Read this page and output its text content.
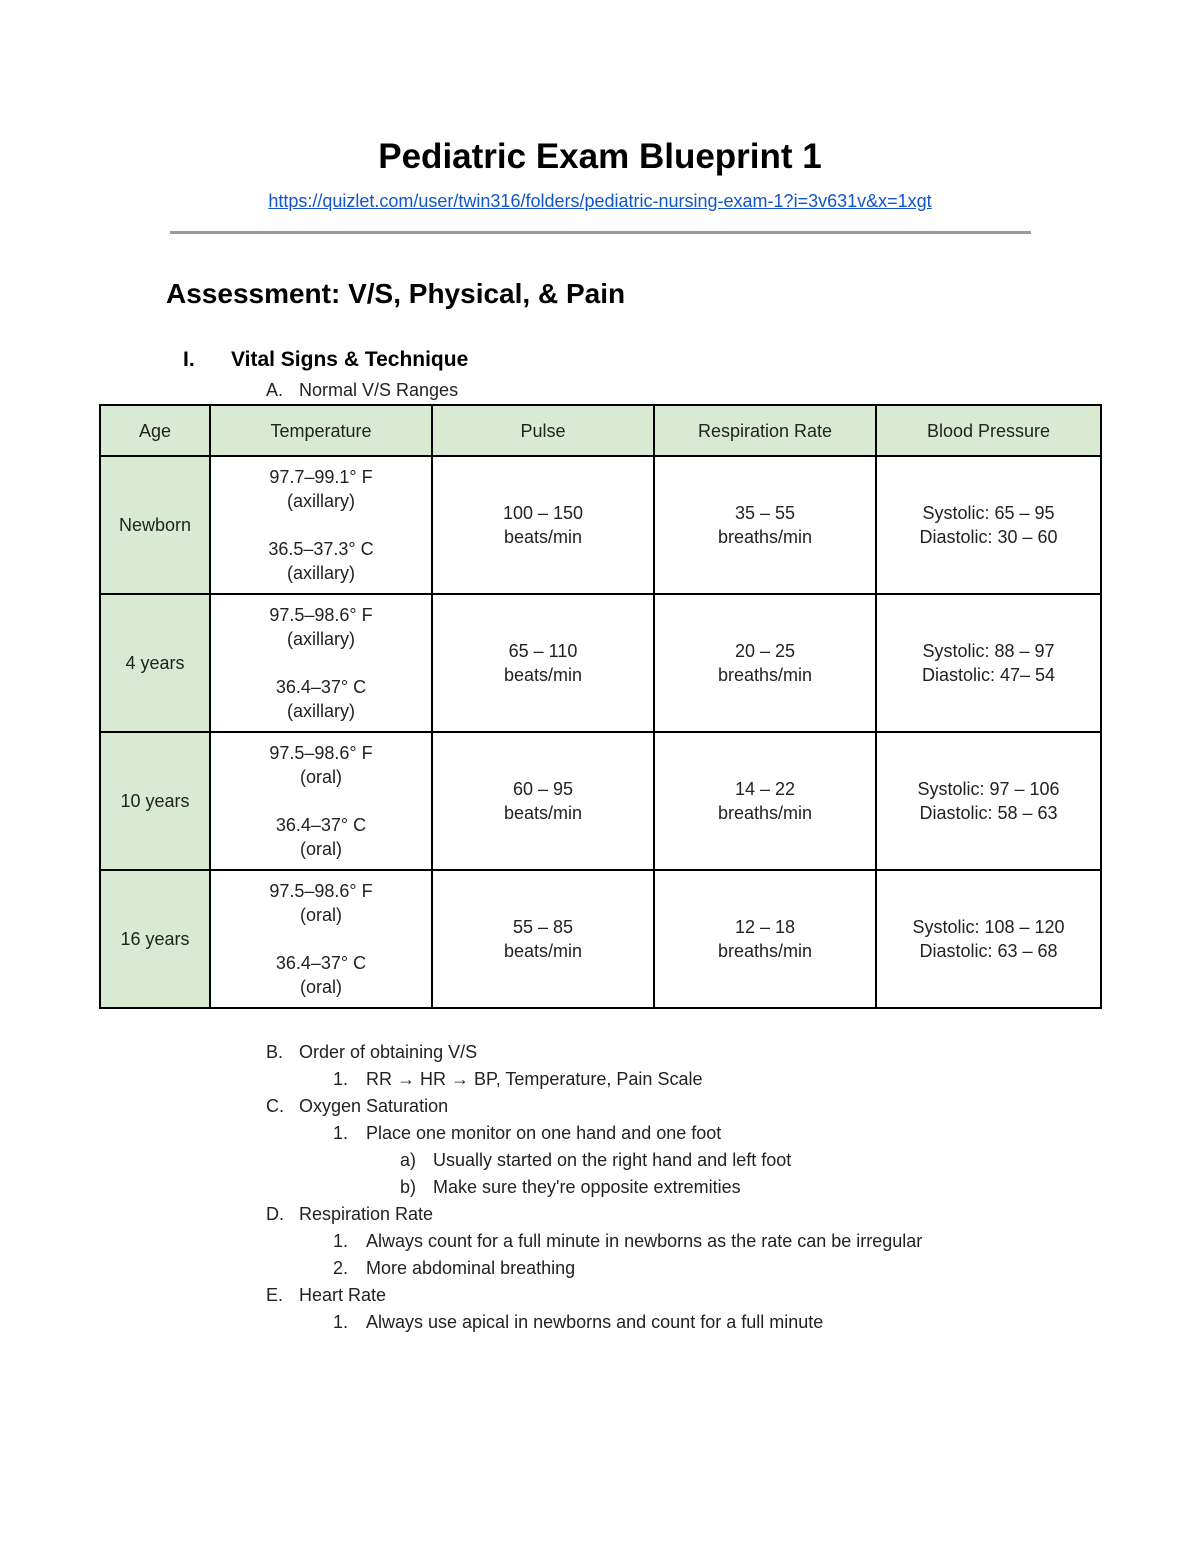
Pediatric Exam Blueprint 1
https://quizlet.com/user/twin316/folders/pediatric-nursing-exam-1?i=3v631v&x=1xgt
Assessment: V/S, Physical, & Pain
I. Vital Signs & Technique
A. Normal V/S Ranges
Age	Temperature	Pulse	Respiration Rate	Blood Pressure
Newborn	97.7–99.1° F
(axillary)
36.5–37.3° C
(axillary)	100 – 150
beats/min	35 – 55
breaths/min	Systolic: 65 – 95
Diastolic: 30 – 60

4 years	97.5–98.6° F
(axillary)
36.4–37° C
(axillary)	65 – 110
beats/min	20 – 25
breaths/min	Systolic: 88 – 97
Diastolic: 47– 54

10 years	97.5–98.6° F
(oral)
36.4–37° C
(oral)	60 – 95
beats/min	14 – 22
breaths/min	Systolic: 97 – 106
Diastolic: 58 – 63

16 years	97.5–98.6° F
(oral)
36.4–37° C
(oral)	55 – 85
beats/min	12 – 18
breaths/min	Systolic: 108 – 120
Diastolic: 63 – 68
B. Order of obtaining V/S
1. RR → HR → BP, Temperature, Pain Scale
C. Oxygen Saturation
1. Place one monitor on one hand and one foot
a) Usually started on the right hand and left foot
b) Make sure they're opposite extremities
D. Respiration Rate
1. Always count for a full minute in newborns as the rate can be irregular
2. More abdominal breathing
E. Heart Rate
1. Always use apical in newborns and count for a full minute
